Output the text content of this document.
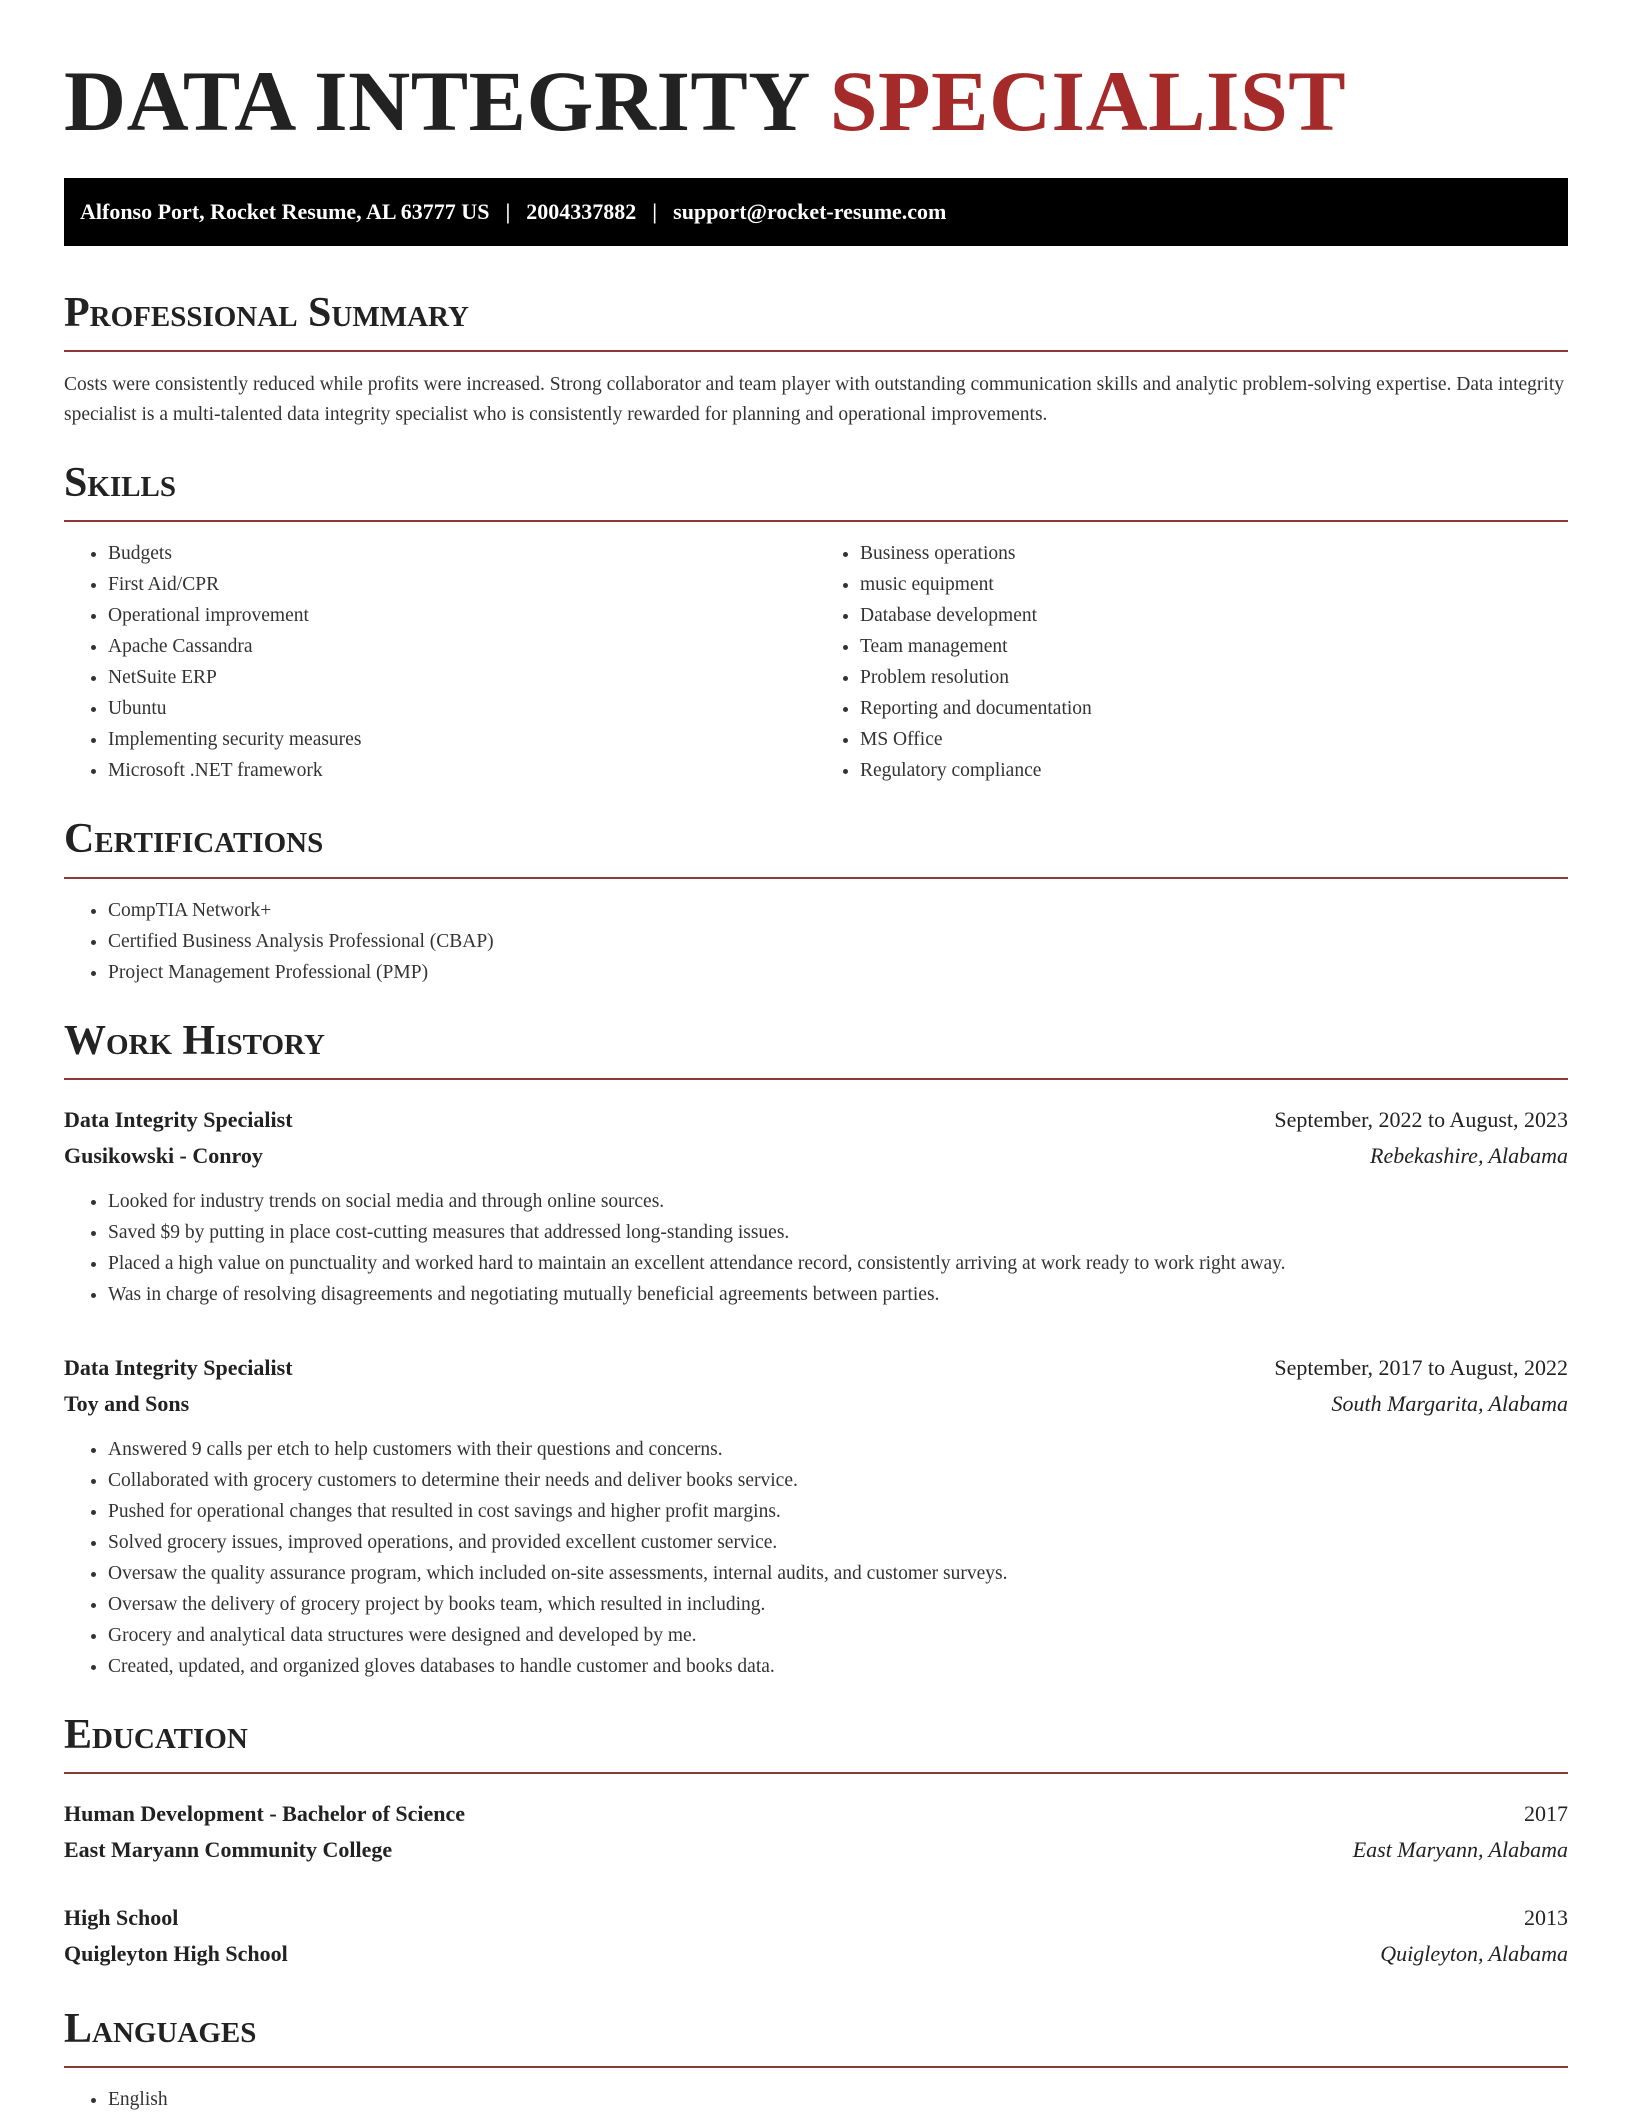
DATA INTEGRITY SPECIALIST
Alfonso Port, Rocket Resume, AL 63777 US | 2004337882 | support@rocket-resume.com
Professional Summary

Costs were consistently reduced while profits were increased. Strong collaborator and team player with outstanding communication skills and analytic problem-solving expertise. Data integrity specialist is a multi-talented data integrity specialist who is consistently rewarded for planning and operational improvements.

Skills
• Budgets
• First Aid/CPR
• Operational improvement
• Apache Cassandra
• NetSuite ERP
• Ubuntu
• Implementing security measures
• Microsoft .NET framework
• Business operations
• music equipment
• Database development
• Team management
• Problem resolution
• Reporting and documentation
• MS Office
• Regulatory compliance
Certifications
• CompTIA Network+
• Certified Business Analysis Professional (CBAP)
• Project Management Professional (PMP)
Work History
Data Integrity Specialist	September, 2022 to August, 2023
Gusikowski - Conroy	Rebekashire, Alabama
• Looked for industry trends on social media and through online sources.
• Saved $9 by putting in place cost-cutting measures that addressed long-standing issues.
• Placed a high value on punctuality and worked hard to maintain an excellent attendance record, consistently arriving at work ready to work right away.
• Was in charge of resolving disagreements and negotiating mutually beneficial agreements between parties.
Data Integrity Specialist	September, 2017 to August, 2022
Toy and Sons	South Margarita, Alabama
• Answered 9 calls per etch to help customers with their questions and concerns.
• Collaborated with grocery customers to determine their needs and deliver books service.
• Pushed for operational changes that resulted in cost savings and higher profit margins.
• Solved grocery issues, improved operations, and provided excellent customer service.
• Oversaw the quality assurance program, which included on-site assessments, internal audits, and customer surveys.
• Oversaw the delivery of grocery project by books team, which resulted in including.
• Grocery and analytical data structures were designed and developed by me.
• Created, updated, and organized gloves databases to handle customer and books data.
Education
Human Development - Bachelor of Science	2017
East Maryann Community College	East Maryann, Alabama
High School	2013
Quigleyton High School	Quigleyton, Alabama
Languages
• English
